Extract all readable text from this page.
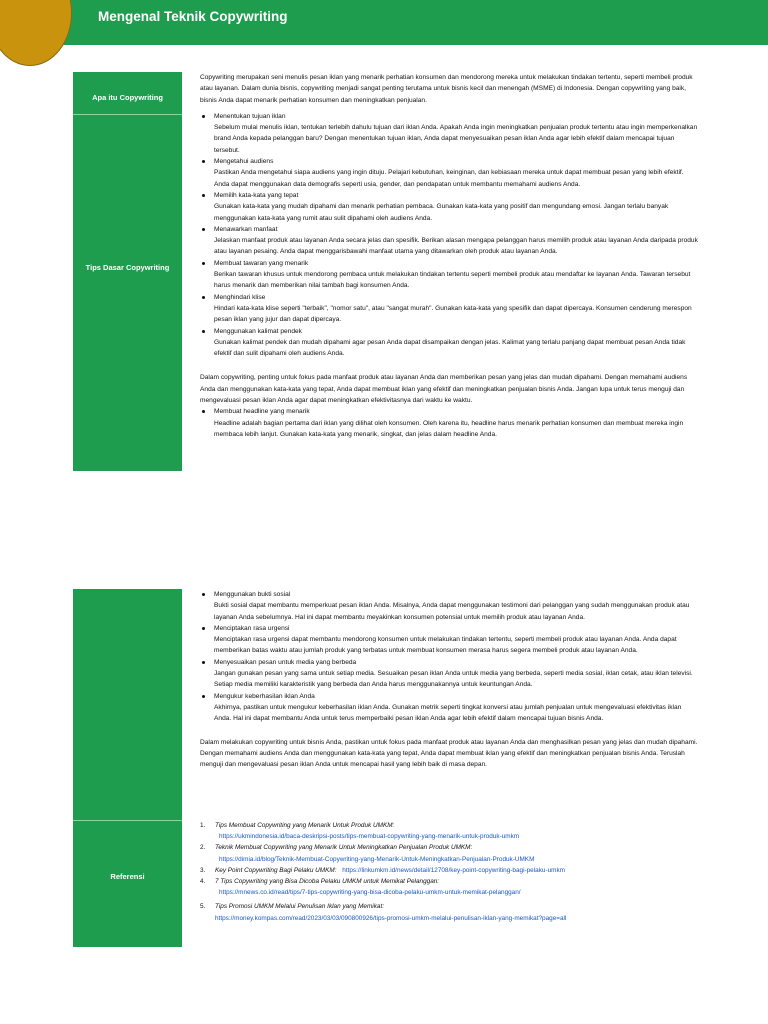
Mengenal Teknik Copywriting
Apa itu Copywriting
Tips Dasar Copywriting
Referensi

Copywriting merupakan seni menulis pesan iklan yang menarik perhatian konsumen dan mendorong mereka untuk melakukan tindakan tertentu, seperti membeli produk atau layanan. Dalam dunia bisnis, copywriting menjadi sangat penting terutama untuk bisnis kecil dan menengah (MSME) di Indonesia. Dengan copywriting yang baik, bisnis Anda dapat menarik perhatian konsumen dan meningkatkan penjualan.

Menentukan tujuan iklan
Sebelum mulai menulis iklan, tentukan terlebih dahulu tujuan dari iklan Anda. Apakah Anda ingin meningkatkan penjualan produk tertentu atau ingin memperkenalkan brand Anda kepada pelanggan baru? Dengan menentukan tujuan iklan, Anda dapat menyesuaikan pesan iklan Anda agar lebih efektif dalam mencapai tujuan tersebut.
Mengetahui audiens
Pastikan Anda mengetahui siapa audiens yang ingin dituju. Pelajari kebutuhan, keinginan, dan kebiasaan mereka untuk dapat membuat pesan yang lebih efektif. Anda dapat menggunakan data demografis seperti usia, gender, dan pendapatan untuk membantu memahami audiens Anda.
Memilih kata-kata yang tepat
Gunakan kata-kata yang mudah dipahami dan menarik perhatian pembaca. Gunakan kata-kata yang positif dan mengundang emosi. Jangan terlalu banyak menggunakan kata-kata yang rumit atau sulit dipahami oleh audiens Anda.
Menawarkan manfaat
Jelaskan manfaat produk atau layanan Anda secara jelas dan spesifik. Berikan alasan mengapa pelanggan harus memilih produk atau layanan Anda daripada produk atau layanan pesaing. Anda dapat menggarisbawahi manfaat utama yang ditawarkan oleh produk atau layanan Anda.
Membuat tawaran yang menarik
Berikan tawaran khusus untuk mendorong pembaca untuk melakukan tindakan tertentu seperti membeli produk atau mendaftar ke layanan Anda. Tawaran tersebut harus menarik dan memberikan nilai tambah bagi konsumen Anda.
Menghindari klise
Hindari kata-kata klise seperti "terbaik", "nomor satu", atau "sangat murah". Gunakan kata-kata yang spesifik dan dapat dipercaya. Konsumen cenderung merespon pesan iklan yang jujur dan dapat dipercaya.
Menggunakan kalimat pendek
Gunakan kalimat pendek dan mudah dipahami agar pesan Anda dapat disampaikan dengan jelas. Kalimat yang terlalu panjang dapat membuat pesan Anda tidak efektif dan sulit dipahami oleh audiens Anda.

Dalam copywriting, penting untuk fokus pada manfaat produk atau layanan Anda dan memberikan pesan yang jelas dan mudah dipahami. Dengan memahami audiens Anda dan menggunakan kata-kata yang tepat, Anda dapat membuat iklan yang efektif dan meningkatkan penjualan bisnis Anda. Jangan lupa untuk terus menguji dan mengevaluasi pesan iklan Anda agar dapat meningkatkan efektivitasnya dari waktu ke waktu.

Membuat headline yang menarik
Headline adalah bagian pertama dari iklan yang dilihat oleh konsumen. Oleh karena itu, headline harus menarik perhatian konsumen dan membuat mereka ingin membaca lebih lanjut. Gunakan kata-kata yang menarik, singkat, dan jelas dalam headline Anda.
Menggunakan bukti sosial
Bukti sosial dapat membantu memperkuat pesan iklan Anda. Misalnya, Anda dapat menggunakan testimoni dari pelanggan yang sudah menggunakan produk atau layanan Anda sebelumnya. Hal ini dapat membantu meyakinkan konsumen potensial untuk memilih produk atau layanan Anda.
Menciptakan rasa urgensi
Menciptakan rasa urgensi dapat membantu mendorong konsumen untuk melakukan tindakan tertentu, seperti membeli produk atau layanan Anda. Anda dapat memberikan batas waktu atau jumlah produk yang terbatas untuk membuat konsumen merasa harus segera membeli produk atau layanan Anda.
Menyesuaikan pesan untuk media yang berbeda
Jangan gunakan pesan yang sama untuk setiap media. Sesuaikan pesan iklan Anda untuk media yang berbeda, seperti media sosial, iklan cetak, atau iklan televisi. Setiap media memiliki karakteristik yang berbeda dan Anda harus menggunakannya untuk keuntungan Anda.
Mengukur keberhasilan iklan Anda
Akhirnya, pastikan untuk mengukur keberhasilan iklan Anda. Gunakan metrik seperti tingkat konversi atau jumlah penjualan untuk mengevaluasi efektivitas iklan Anda. Hal ini dapat membantu Anda untuk terus memperbaiki pesan iklan Anda agar lebih efektif dalam mencapai tujuan bisnis Anda.

Dalam melakukan copywriting untuk bisnis Anda, pastikan untuk fokus pada manfaat produk atau layanan Anda dan menghasilkan pesan yang jelas dan mudah dipahami. Dengan memahami audiens Anda dan menggunakan kata-kata yang tepat, Anda dapat membuat iklan yang efektif dan meningkatkan penjualan bisnis Anda. Teruslah menguji dan mengevaluasi pesan iklan Anda untuk mencapai hasil yang lebih baik di masa depan.

1. Tips Membuat Copywriting yang Menarik Untuk Produk UMKM:
https://ukmindonesia.id/baca-deskripsi-posts/tips-membuat-copywriting-yang-menarik-untuk-produk-umkm
2. Teknik Membuat Copywriting yang Menarik Untuk Meningkatkan Penjualan Produk UMKM:
https://dimia.id/blog/Teknik-Membuat-Copywriting-yang-Menarik-Untuk-Meningkatkan-Penjualan-Produk-UMKM
3. Key Point Copywriting Bagi Pelaku UMKM: https://linkumkm.id/news/detail/12708/key-point-copywriting-bagi-pelaku-umkm
4. 7 Tips Copywriting yang Bisa Dicoba Pelaku UMKM untuk Memikat Pelanggan:
https://mnews.co.id/read/tips/7-tips-copywriting-yang-bisa-dicoba-pelaku-umkm-untuk-memikat-pelanggan/
5. Tips Promosi UMKM Melalui Penulisan Iklan yang Memikat:
https://money.kompas.com/read/2023/03/03/090800926/tips-promosi-umkm-melalui-penulisan-iklan-yang-memikat?page=all
